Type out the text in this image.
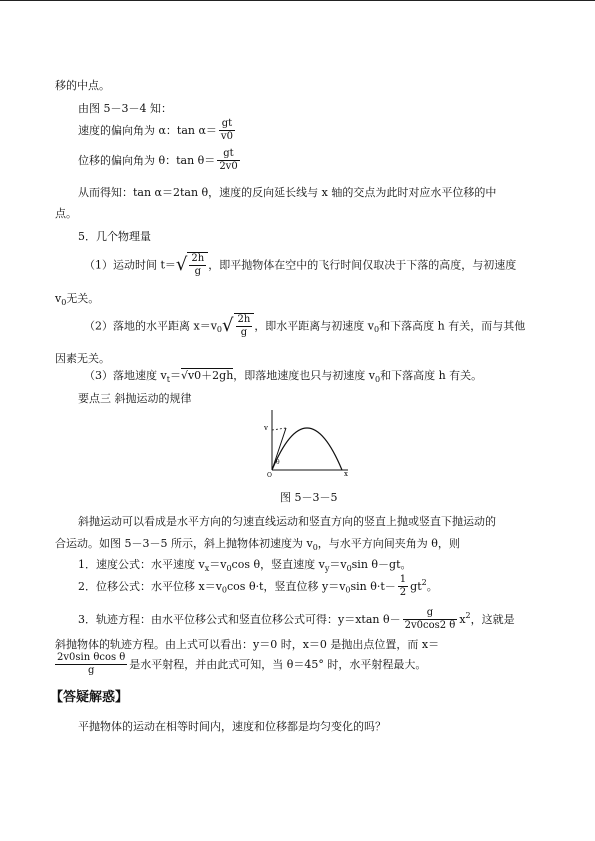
移的中点。
由图 5－3－4 知：
速度的偏向角为 α：$\tan \alpha= \frac{gt}{v0}$
位移的偏向角为 θ：$\tan \theta= \frac{gt}{2v0}$
从而得知：tan α＝2tan θ，速度的反向延长线与 x 轴的交点为此时对应水平位移的中
点。
5．几个物理量
（1）运动时间 $t=√ \frac{2h}{g}$ ，即平抛物体在空中的飞行时间仅取决于下落的高度，与初速度
$v_0$无关。
（2）落地的水平距离 $x=v_0√ \frac{2h}{g}$ ，即水平距离与初速度 $v_0$和下落高度 h 有关，而与其他
因素无关。
（3）落地速度 $v_t=√v0+2gh$，即落地速度也只与初速度 $v_0$和下落高度 h 有关。
要点三 斜抛运动的规律
v
x
O
θ
图 5－3－5
斜抛运动可以看成是水平方向的匀速直线运动和竖直方向的竖直上抛或竖直下抛运动的
合运动。如图 5－3－5 所示，斜上抛物体初速度为 $v_0$，与水平方向间夹角为 θ，则
1．速度公式：水平速度 $v_x=v_0\cos$ θ，竖直速度 $v_y=v_0\sin$ θ－gt。
2．位移公式：水平位移 $x=v_0\cos$ θ·t，竖直位移 $y=v_0\sin$ $\theta\cdot t- \frac{1}{2} gt^2$。
3．轨迹方程：由水平位移公式和竖直位移公式可得：y＝xtan $\theta- \frac{g}{2v0\cos 2 \theta} x^2$，这就是
斜抛物体的轨迹方程。由上式可以看出：y＝0 时，x＝0 是抛出点位置，而 x＝
$\frac{\text{2v0sin θcos θ}}{g}$ 是水平射程，并由此式可知，当 θ＝45° 时，水平射程最大。
【答疑解惑】
平抛物体的运动在相等时间内，速度和位移都是均匀变化的吗？
